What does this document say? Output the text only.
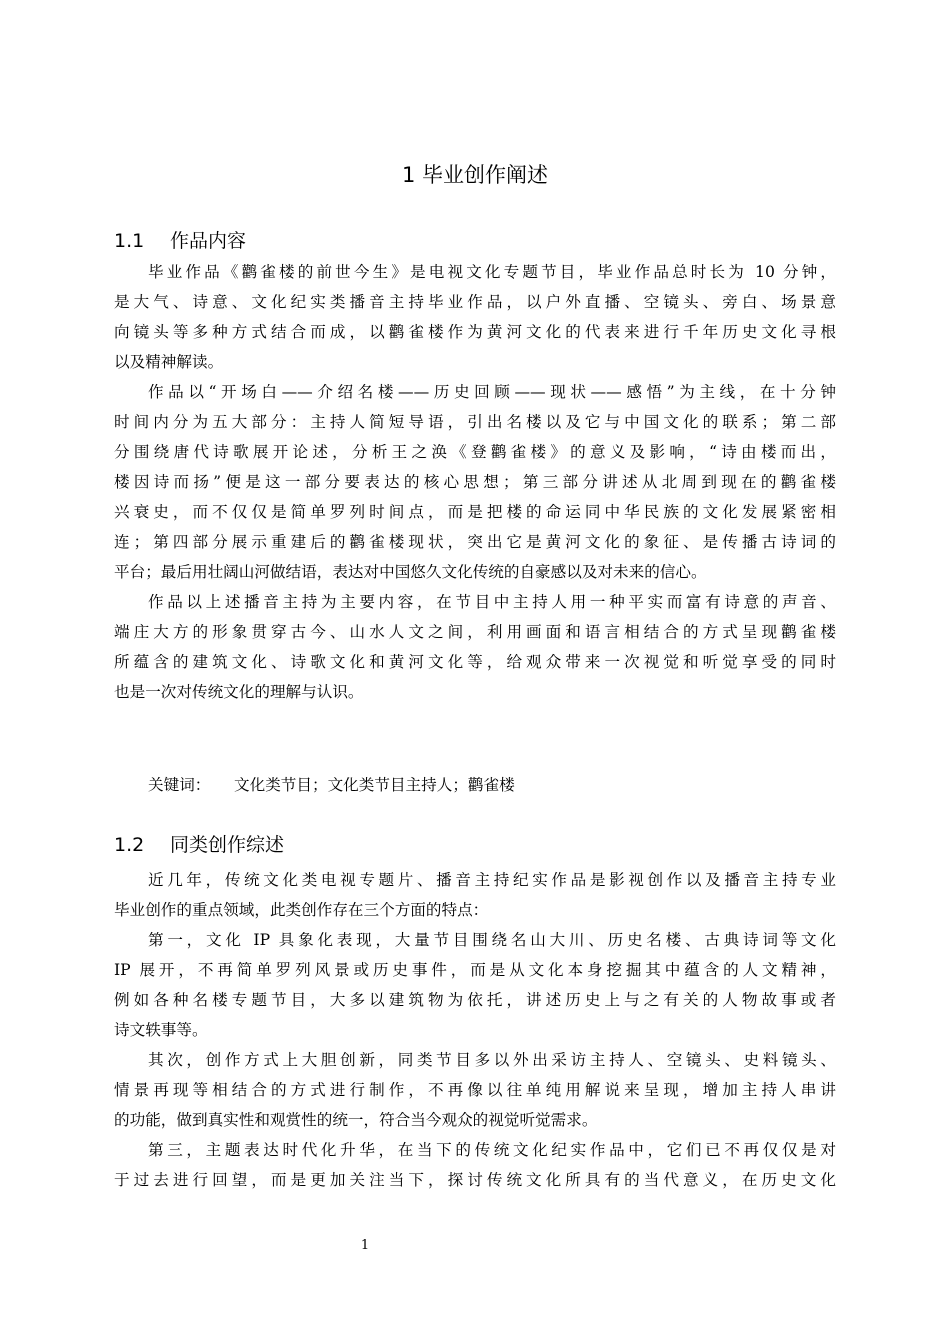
1 毕业创作阐述
1.1 作品内容
毕业作品《鹳雀楼的前世今生》是电视文化专题节目，毕业作品总时长为 10 分钟，
是大气、诗意、文化纪实类播音主持毕业作品，以户外直播、空镜头、旁白、场景意
向镜头等多种方式结合而成，以鹳雀楼作为黄河文化的代表来进行千年历史文化寻根
以及精神解读。
作品以“开场白——介绍名楼——历史回顾——现状——感悟”为主线，在十分钟
时间内分为五大部分：主持人简短导语，引出名楼以及它与中国文化的联系；第二部
分围绕唐代诗歌展开论述，分析王之涣《登鹳雀楼》的意义及影响，“诗由楼而出，
楼因诗而扬”便是这一部分要表达的核心思想；第三部分讲述从北周到现在的鹳雀楼
兴衰史，而不仅仅是简单罗列时间点，而是把楼的命运同中华民族的文化发展紧密相
连；第四部分展示重建后的鹳雀楼现状，突出它是黄河文化的象征、是传播古诗词的
平台；最后用壮阔山河做结语，表达对中国悠久文化传统的自豪感以及对未来的信心。
作品以上述播音主持为主要内容，在节目中主持人用一种平实而富有诗意的声音、
端庄大方的形象贯穿古今、山水人文之间，利用画面和语言相结合的方式呈现鹳雀楼
所蕴含的建筑文化、诗歌文化和黄河文化等，给观众带来一次视觉和听觉享受的同时
也是一次对传统文化的理解与认识。
关键词： 文化类节目；文化类节目主持人；鹳雀楼
1.2 同类创作综述
近几年，传统文化类电视专题片、播音主持纪实作品是影视创作以及播音主持专业
毕业创作的重点领域，此类创作存在三个方面的特点：
第一，文化 IP 具象化表现，大量节目围绕名山大川、历史名楼、古典诗词等文化
IP 展开，不再简单罗列风景或历史事件，而是从文化本身挖掘其中蕴含的人文精神，
例如各种名楼专题节目，大多以建筑物为依托，讲述历史上与之有关的人物故事或者
诗文轶事等。
其次，创作方式上大胆创新，同类节目多以外出采访主持人、空镜头、史料镜头、
情景再现等相结合的方式进行制作，不再像以往单纯用解说来呈现，增加主持人串讲
的功能，做到真实性和观赏性的统一，符合当今观众的视觉听觉需求。
第三，主题表达时代化升华，在当下的传统文化纪实作品中，它们已不再仅仅是对
于过去进行回望，而是更加关注当下，探讨传统文化所具有的当代意义，在历史文化
1
